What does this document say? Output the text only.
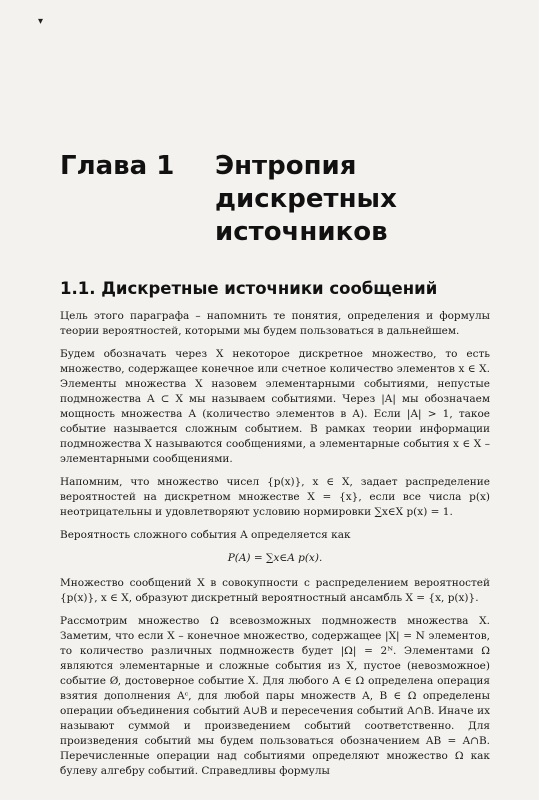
▾
Глава 1 Энтропия дискретных источников
1.1. Дискретные источники сообщений

Цель этого параграфа – напомнить те понятия, определения и формулы теории вероятностей, которыми мы будем пользоваться в дальнейшем.

Будем обозначать через X некоторое дискретное множество, то есть множество, содержащее конечное или счетное количество элементов x ∈ X. Элементы множества X назовем элементарными событиями, непустые подмножества A ⊂ X мы называем событиями. Через |A| мы обозначаем мощность множества A (количество элементов в A). Если |A| > 1, такое событие называется сложным событием. В рамках теории информации подмножества X называются сообщениями, а элементарные события x ∈ X – элементарными сообщениями.

Напомним, что множество чисел {p(x)}, x ∈ X, задает распределение вероятностей на дискретном множестве X = {x}, если все числа p(x) неотрицательны и удовлетворяют условию нормировки ∑x∈X p(x) = 1.

Вероятность сложного события A определяется как

P(A) = ∑x∈A p(x).

Множество сообщений X в совокупности с распределением вероятностей {p(x)}, x ∈ X, образуют дискретный вероятностный ансамбль X = {x, p(x)}.

Рассмотрим множество Ω всевозможных подмножеств множества X. Заметим, что если X – конечное множество, содержащее |X| = N элементов, то количество различных подмножеств будет |Ω| = 2ᴺ. Элементами Ω являются элементарные и сложные события из X, пустое (невозможное) событие Ø, достоверное событие X. Для любого A ∈ Ω определена операция взятия дополнения Aᶜ, для любой пары множеств A, B ∈ Ω определены операции объединения событий A∪B и пересечения событий A∩B. Иначе их называют суммой и произведением событий соответственно. Для произведения событий мы будем пользоваться обозначением AB = A∩B. Перечисленные операции над событиями определяют множество Ω как булеву алгебру событий. Справедливы формулы
